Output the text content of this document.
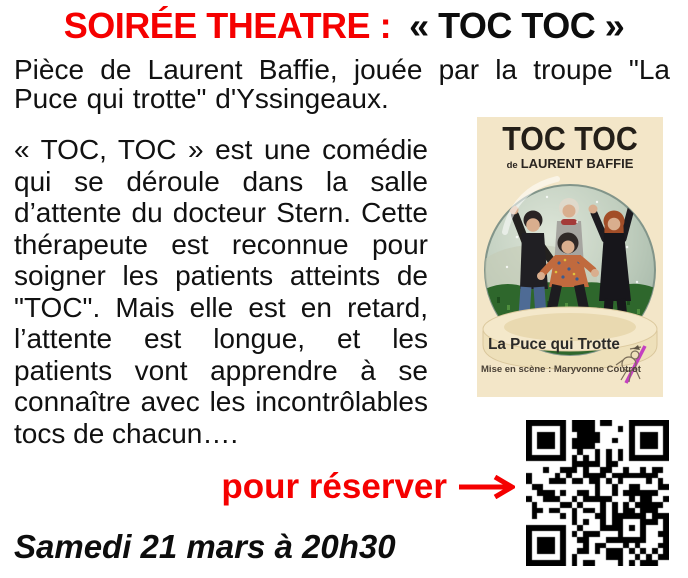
SOIRÉE THEATRE : « TOC TOC »
Pièce de Laurent Baffie, jouée par la troupe "La Puce qui trotte" d'Yssingeaux.
« TOC, TOC » est une comédie qui se déroule dans la salle d’attente du docteur Stern. Cette thérapeute est reconnue pour soigner les patients atteints de "TOC". Mais elle est en retard, l’attente est longue, et les patients vont apprendre à se connaître avec les incontrôlables tocs de chacun….
TOC TOC
de LAURENT BAFFIE
La Puce qui Trotte
Mise en scène : Maryvonne Coutrot
pour réserver
Samedi 21 mars à 20h30
